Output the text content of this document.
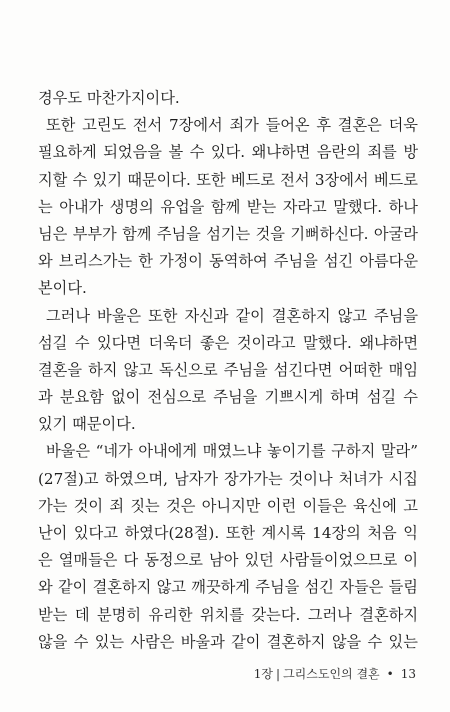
경우도 마찬가지이다.
또한 고린도 전서 7장에서 죄가 들어온 후 결혼은 더욱
필요하게 되었음을 볼 수 있다. 왜냐하면 음란의 죄를 방
지할 수 있기 때문이다. 또한 베드로 전서 3장에서 베드로
는 아내가 생명의 유업을 함께 받는 자라고 말했다. 하나
님은 부부가 함께 주님을 섬기는 것을 기뻐하신다. 아굴라
와 브리스가는 한 가정이 동역하여 주님을 섬긴 아름다운
본이다.
그러나 바울은 또한 자신과 같이 결혼하지 않고 주님을
섬길 수 있다면 더욱더 좋은 것이라고 말했다. 왜냐하면
결혼을 하지 않고 독신으로 주님을 섬긴다면 어떠한 매임
과 분요함 없이 전심으로 주님을 기쁘시게 하며 섬길 수
있기 때문이다.
바울은 “네가 아내에게 매였느냐 놓이기를 구하지 말라”
(27절)고 하였으며, 남자가 장가가는 것이나 처녀가 시집
가는 것이 죄 짓는 것은 아니지만 이런 이들은 육신에 고
난이 있다고 하였다(28절). 또한 계시록 14장의 처음 익
은 열매들은 다 동정으로 남아 있던 사람들이었으므로 이
와 같이 결혼하지 않고 깨끗하게 주님을 섬긴 자들은 들림
받는 데 분명히 유리한 위치를 갖는다. 그러나 결혼하지
않을 수 있는 사람은 바울과 같이 결혼하지 않을 수 있는
1장 | 그리스도인의 결혼 • 13
